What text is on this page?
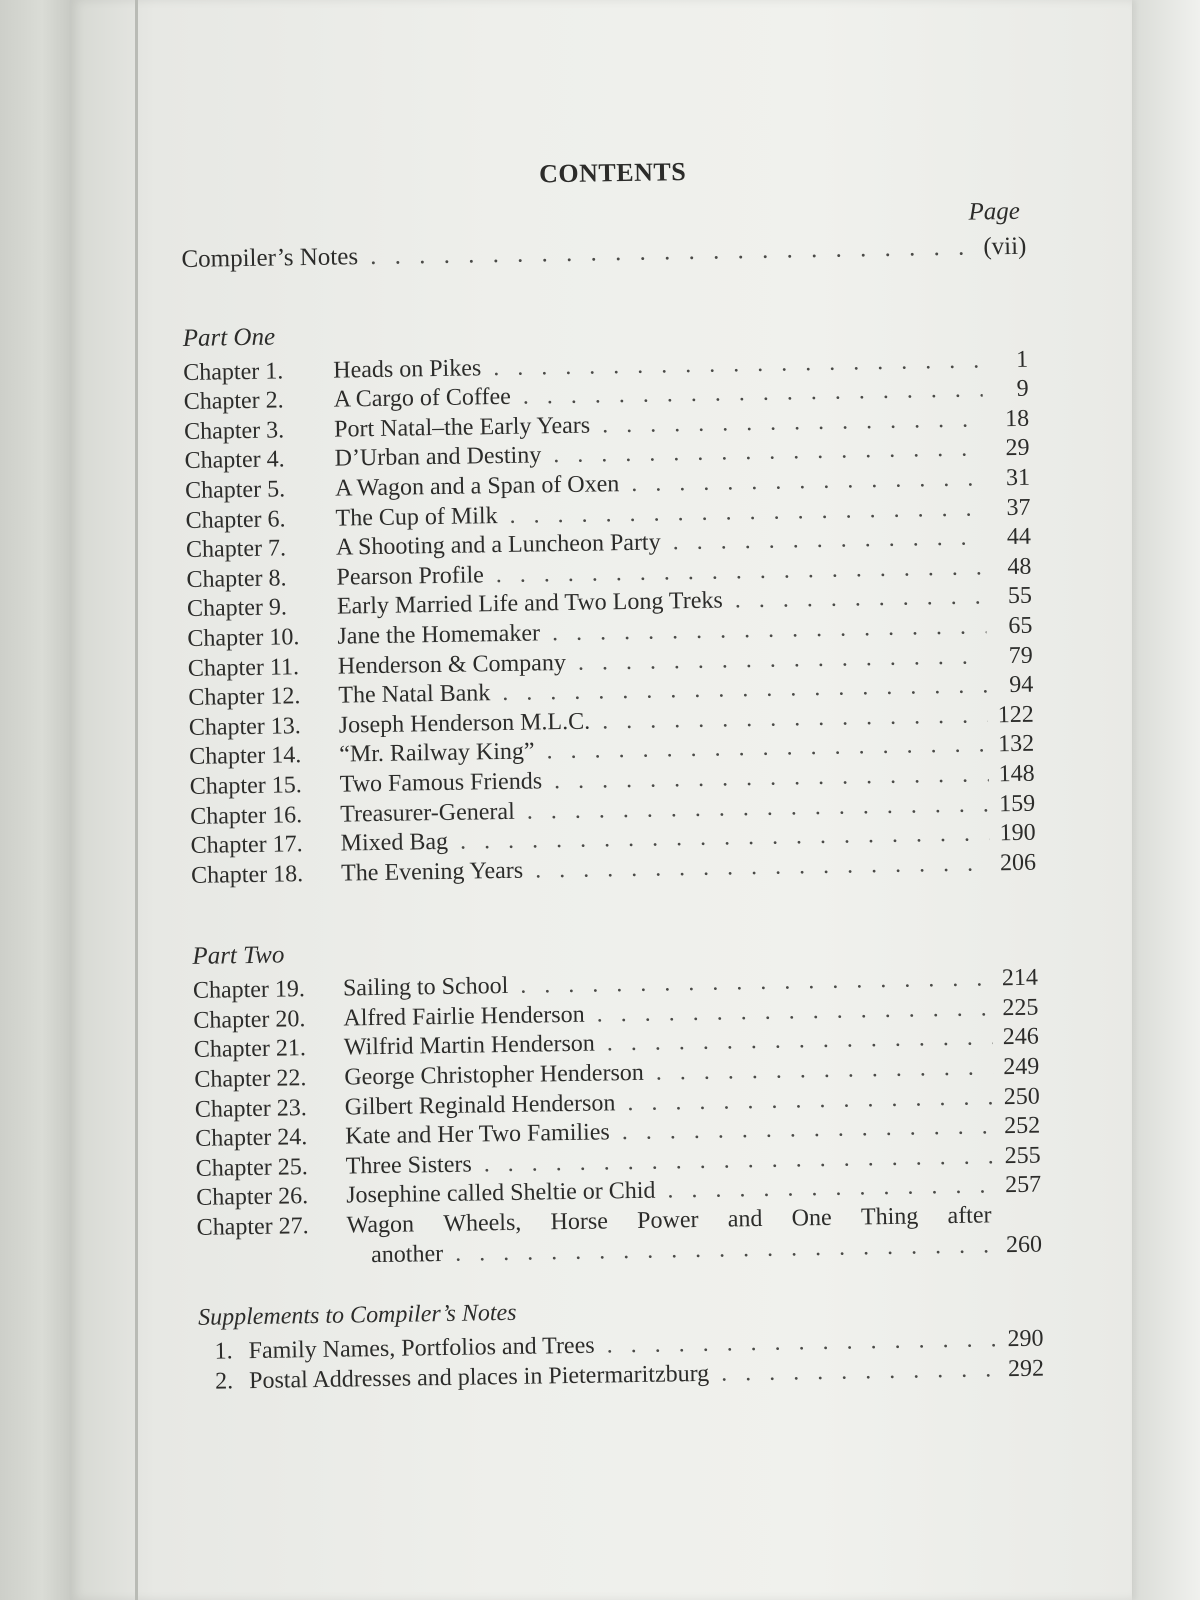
CONTENTS
Page
Compiler’s Notes . . .	(vii)
Part One
Chapter 1. Heads on Pikes . . .	1
Chapter 2. A Cargo of Coffee . . .	9
Chapter 3. Port Natal–the Early Years . . .	18
Chapter 4. D’Urban and Destiny . . .	29
Chapter 5. A Wagon and a Span of Oxen . . .	31
Chapter 6. The Cup of Milk . . .	37
Chapter 7. A Shooting and a Luncheon Party . . .	44
Chapter 8. Pearson Profile . . .	48
Chapter 9. Early Married Life and Two Long Treks . . .	55
Chapter 10. Jane the Homemaker . . .	65
Chapter 11. Henderson & Company . . .	79
Chapter 12. The Natal Bank . . .	94
Chapter 13. Joseph Henderson M.L.C. . . .	122
Chapter 14. “Mr. Railway King” . . .	132
Chapter 15. Two Famous Friends . . .	148
Chapter 16. Treasurer-General . . .	159
Chapter 17. Mixed Bag . . .	190
Chapter 18. The Evening Years . . .	206
Part Two
Chapter 19. Sailing to School . . .	214
Chapter 20. Alfred Fairlie Henderson . . .	225
Chapter 21. Wilfrid Martin Henderson . . .	246
Chapter 22. George Christopher Henderson . . .	249
Chapter 23. Gilbert Reginald Henderson . . .	250
Chapter 24. Kate and Her Two Families . . .	252
Chapter 25. Three Sisters . . .	255
Chapter 26. Josephine called Sheltie or Chid . . .	257
Chapter 27.	Wagon Wheels, Horse Power and One Thing after
another . . .	260
Supplements to Compiler’s Notes
1. Family Names, Portfolios and Trees . . .	290
2. Postal Addresses and places in Pietermaritzburg . . .	292
